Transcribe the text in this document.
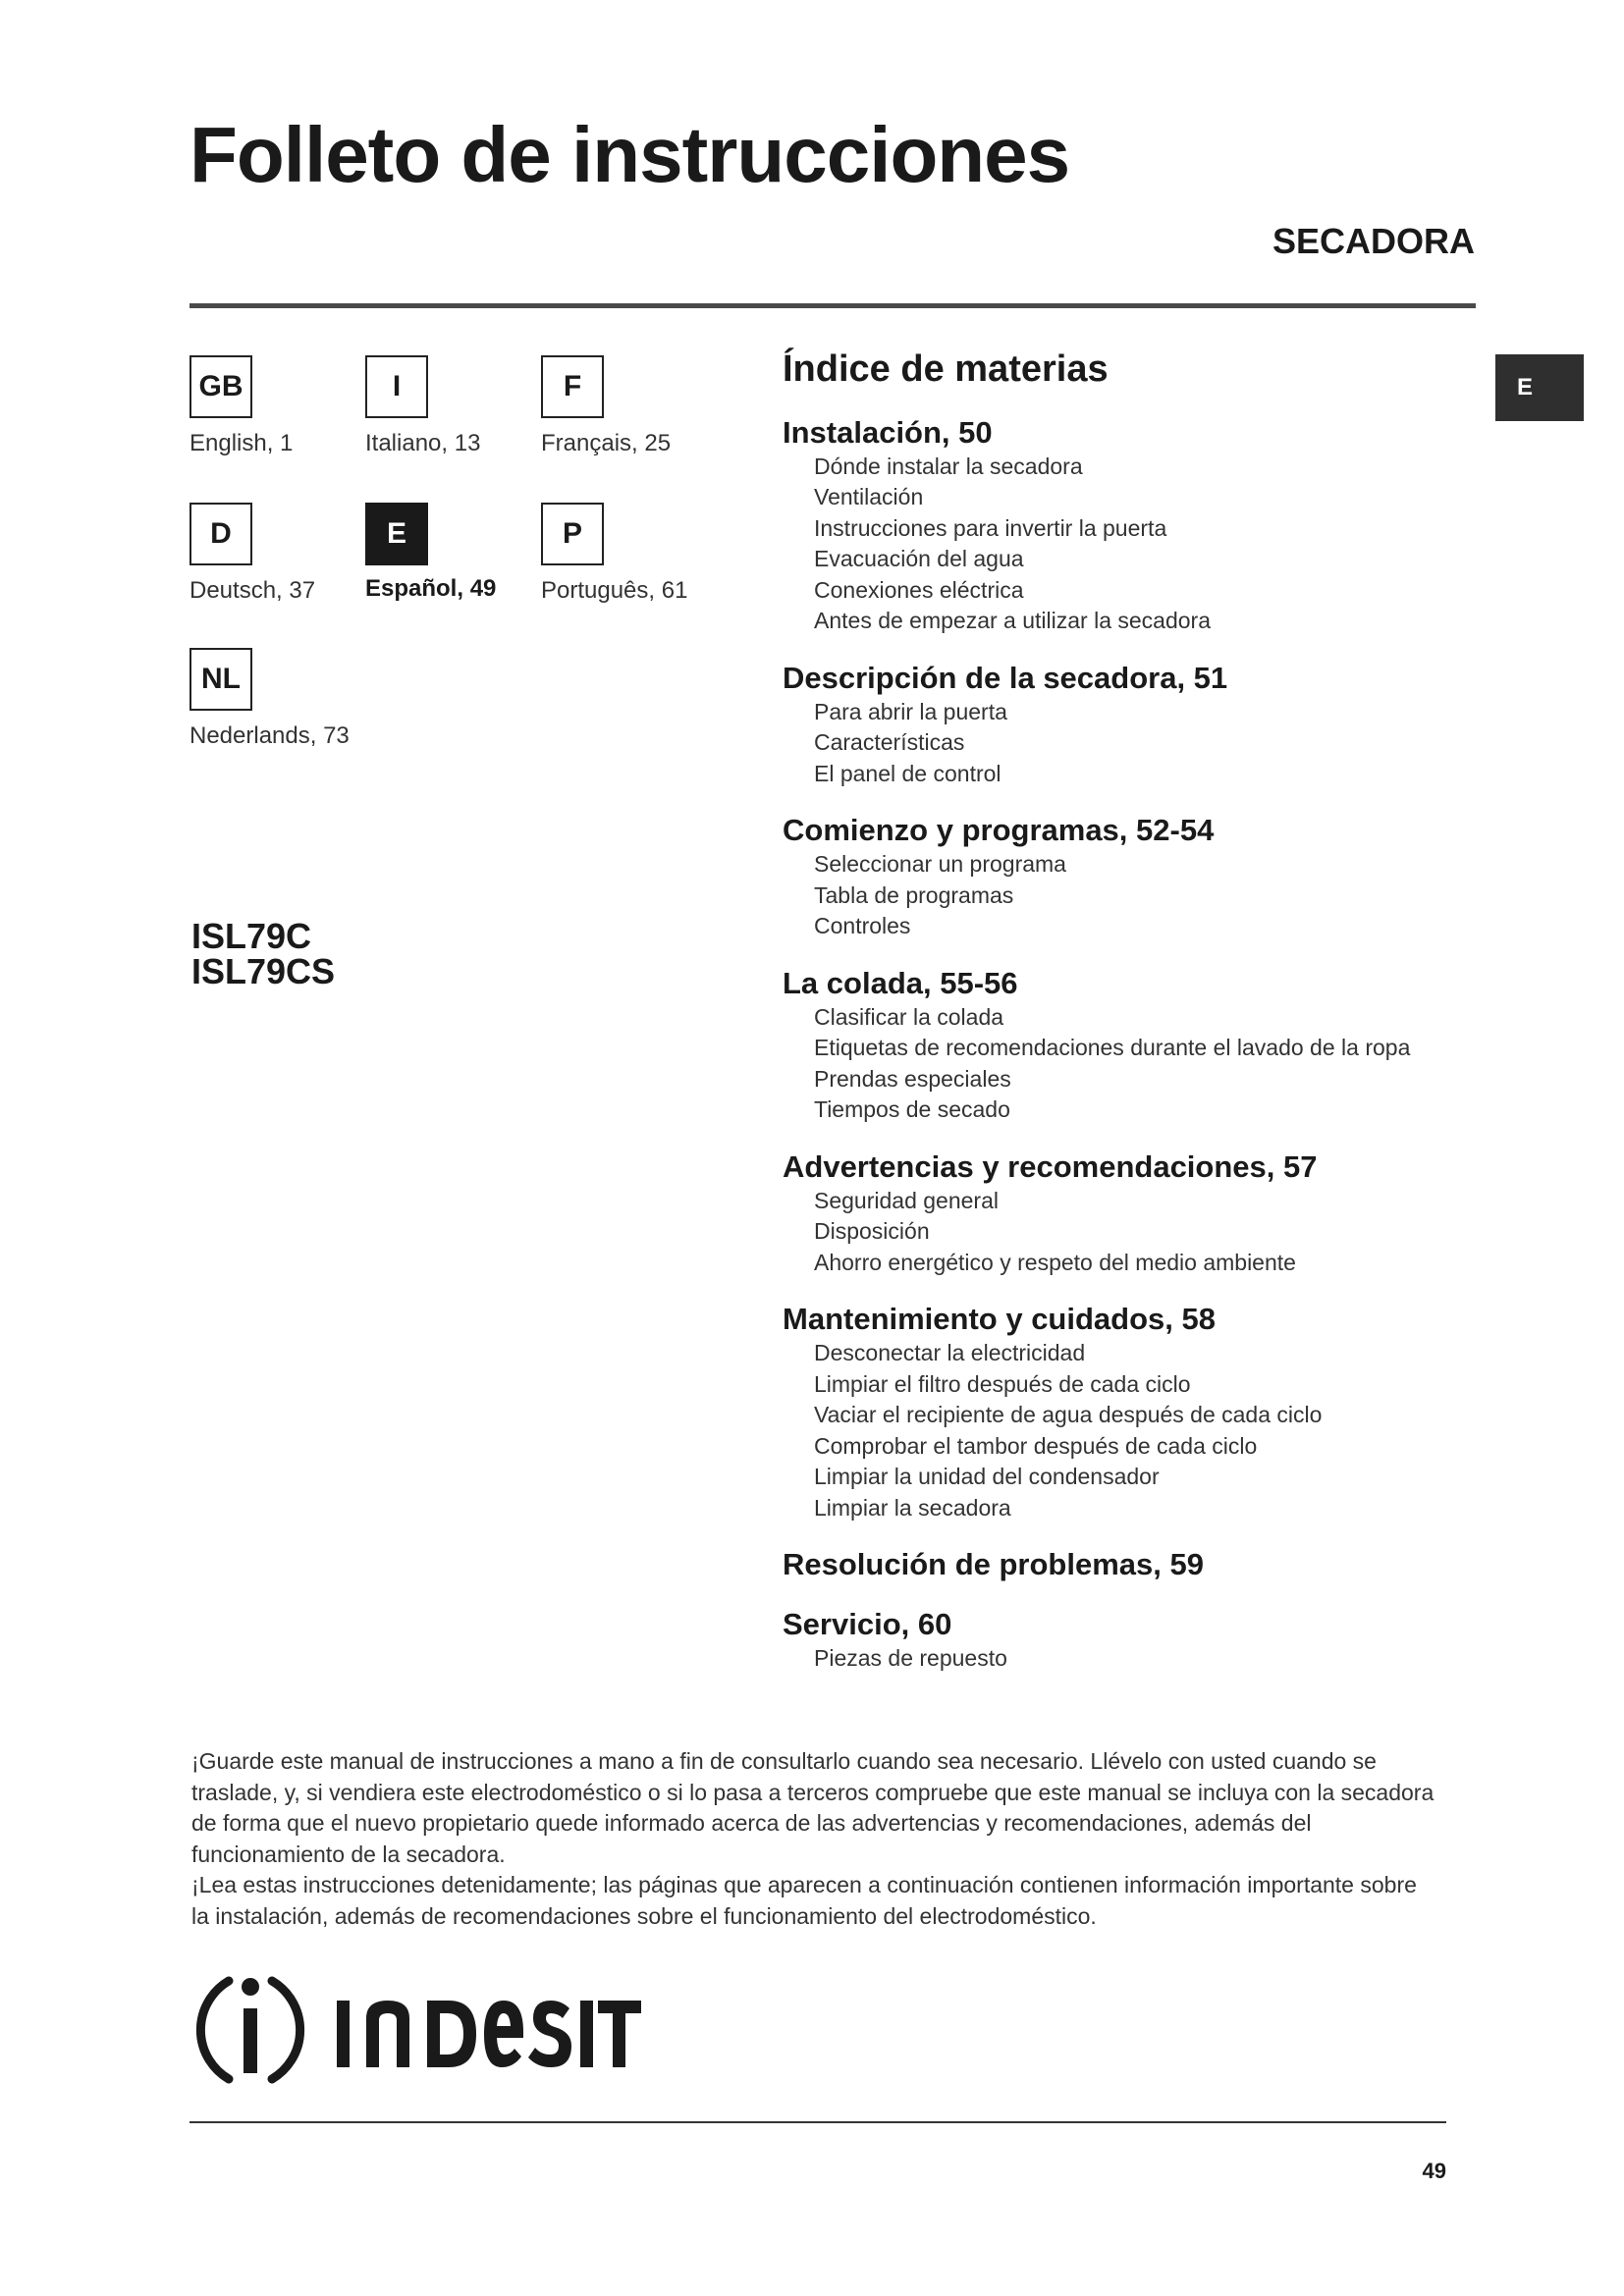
Folleto de instrucciones
SECADORA
E
GB
English, 1
I
Italiano, 13
F
Français, 25
D
Deutsch, 37
E
Español, 49
P
Português, 61
NL
Nederlands, 73
ISL79C
ISL79CS
Índice de materias
Instalación, 50
Dónde instalar la secadora
Ventilación
Instrucciones para invertir la puerta
Evacuación del agua
Conexiones eléctrica
Antes de empezar a utilizar la secadora
Descripción de la secadora, 51
Para abrir la puerta
Características
El panel de control
Comienzo y programas, 52-54
Seleccionar un programa
Tabla de programas
Controles
La colada, 55-56
Clasificar la colada
Etiquetas de recomendaciones durante el lavado de la ropa
Prendas especiales
Tiempos de secado
Advertencias y recomendaciones, 57
Seguridad general
Disposición
Ahorro energético y respeto del medio ambiente
Mantenimiento y cuidados, 58
Desconectar la electricidad
Limpiar el filtro después de cada ciclo
Vaciar el recipiente de agua después de cada ciclo
Comprobar el tambor después de cada ciclo
Limpiar la unidad del condensador
Limpiar la secadora
Resolución de problemas, 59
Servicio, 60
Piezas de repuesto

¡Guarde este manual de instrucciones a mano a fin de consultarlo cuando sea necesario. Llévelo con usted cuando se traslade, y, si vendiera este electrodoméstico o si lo pasa a terceros compruebe que este manual se incluya con la secadora de forma que el nuevo propietario quede informado acerca de las advertencias y recomendaciones, además del funcionamiento de la secadora.

¡Lea estas instrucciones detenidamente; las páginas que aparecen a continuación contienen información importante sobre la instalación, además de recomendaciones sobre el funcionamiento del electrodoméstico.

49
